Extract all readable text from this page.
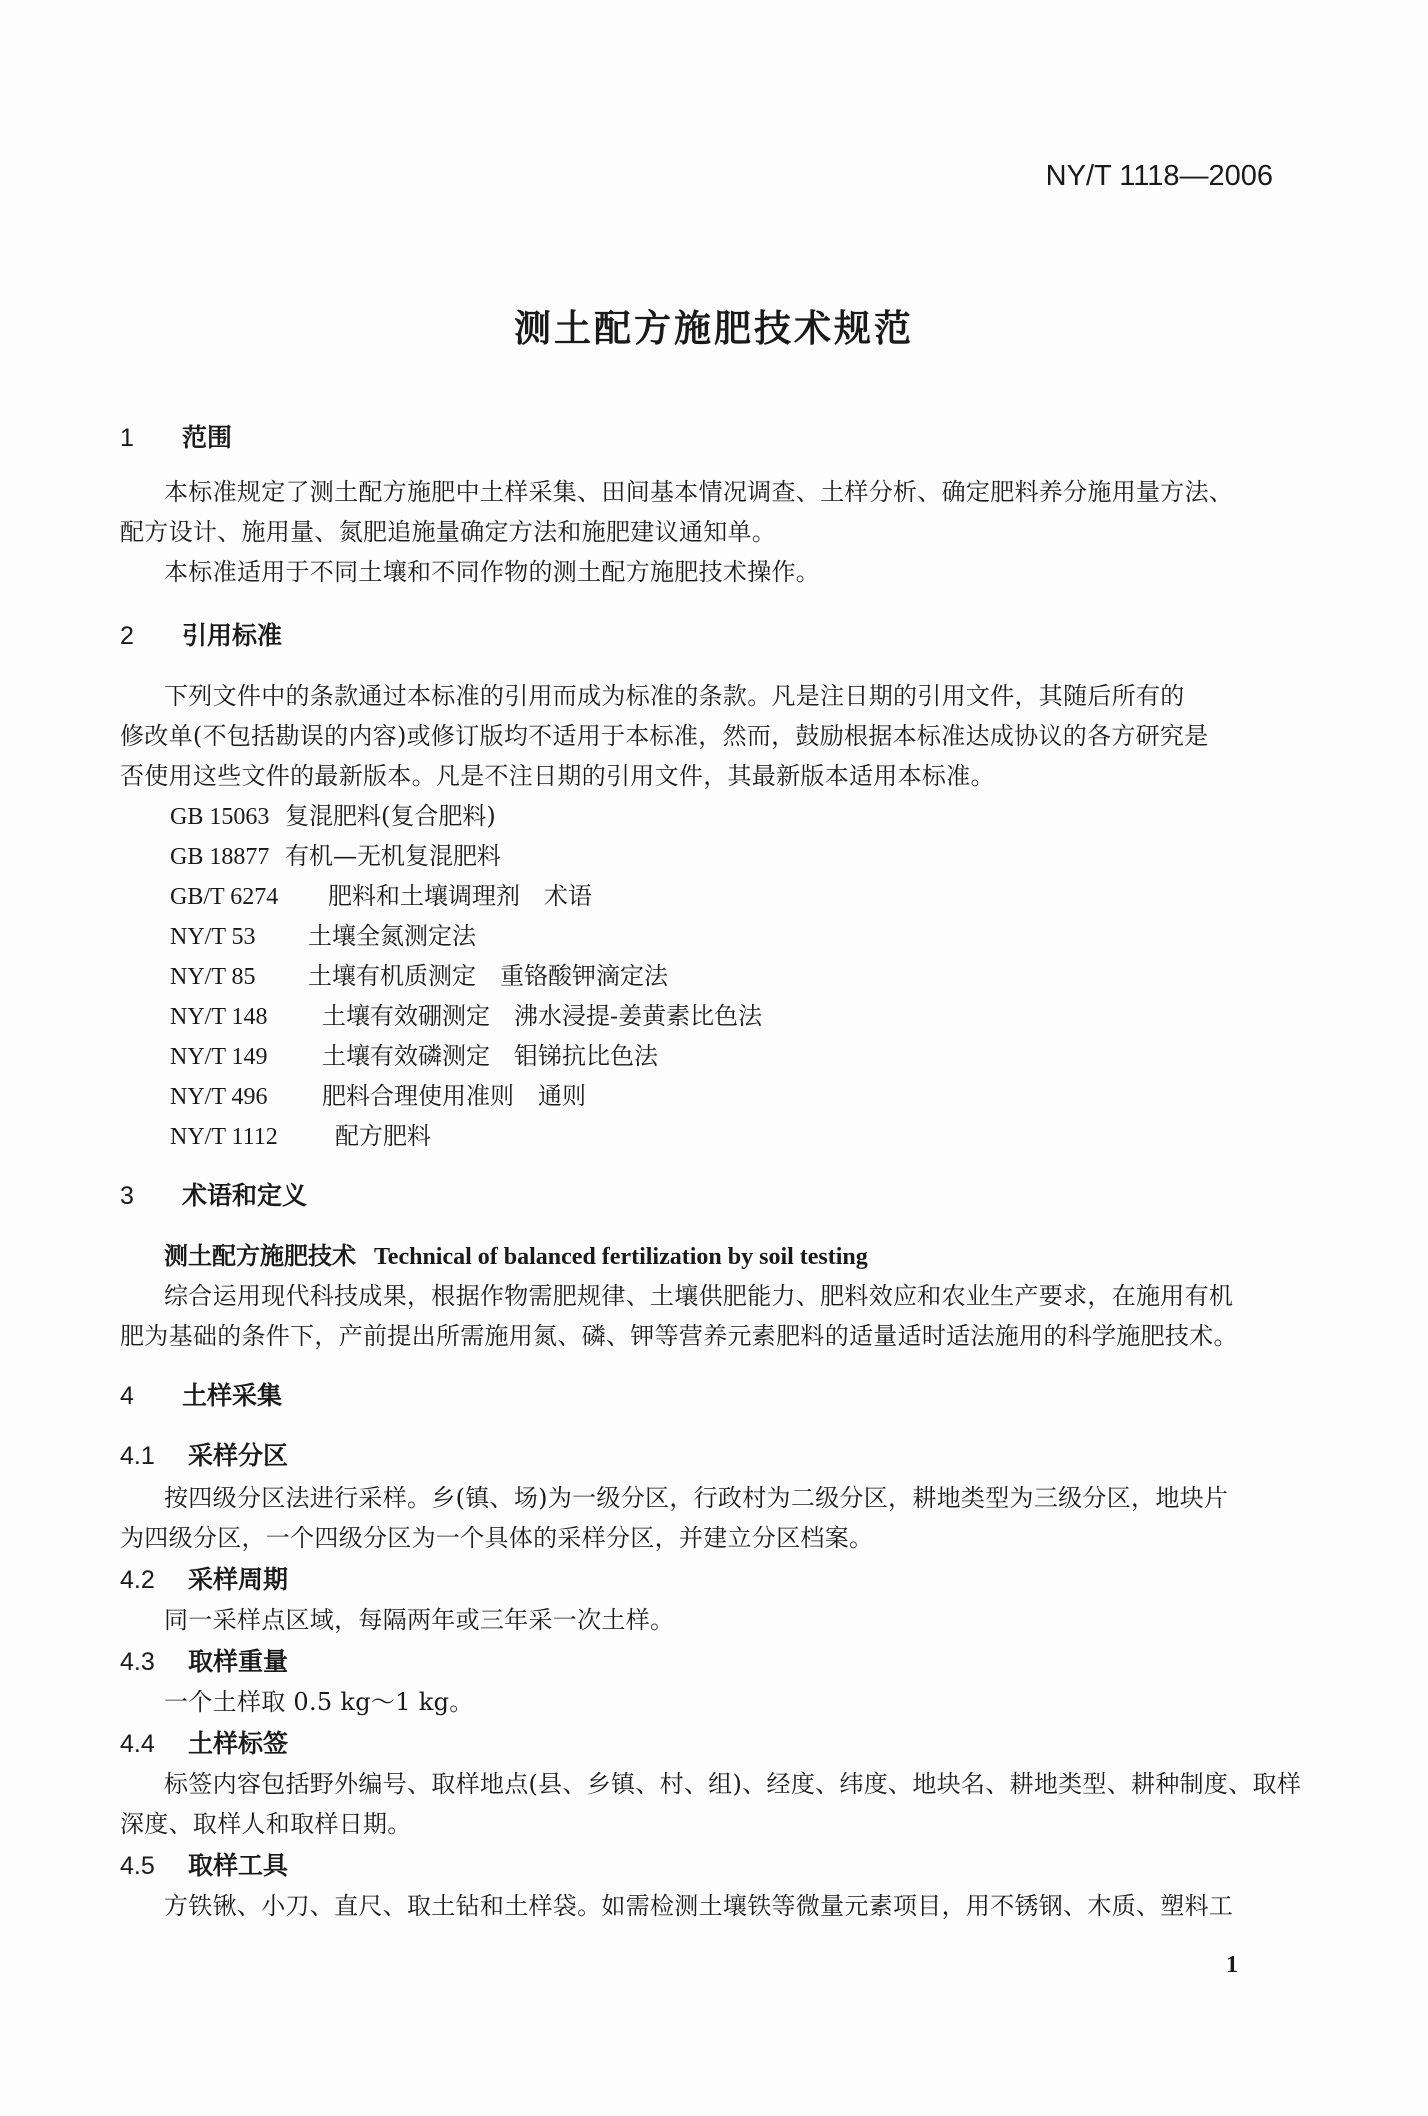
NY/T 1118—2006
测土配方施肥技术规范
1 范围
本标准规定了测土配方施肥中土样采集、田间基本情况调查、土样分析、确定肥料养分施用量方法、
配方设计、施用量、氮肥追施量确定方法和施肥建议通知单。
本标准适用于不同土壤和不同作物的测土配方施肥技术操作。
2 引用标准
下列文件中的条款通过本标准的引用而成为标准的条款。凡是注日期的引用文件，其随后所有的
修改单(不包括勘误的内容)或修订版均不适用于本标准，然而，鼓励根据本标准达成协议的各方研究是
否使用这些文件的最新版本。凡是不注日期的引用文件，其最新版本适用本标准。
GB 15063 复混肥料(复合肥料)
GB 18877 有机—无机复混肥料
GB/T 6274 肥料和土壤调理剂　术语
NY/T 53 土壤全氮测定法
NY/T 85 土壤有机质测定　重铬酸钾滴定法
NY/T 148 土壤有效硼测定　沸水浸提-姜黄素比色法
NY/T 149 土壤有效磷测定　钼锑抗比色法
NY/T 496 肥料合理使用准则　通则
NY/T 1112 配方肥料
3 术语和定义
测土配方施肥技术 Technical of balanced fertilization by soil testing
综合运用现代科技成果，根据作物需肥规律、土壤供肥能力、肥料效应和农业生产要求，在施用有机
肥为基础的条件下，产前提出所需施用氮、磷、钾等营养元素肥料的适量适时适法施用的科学施肥技术。
4 土样采集
4.1 采样分区
按四级分区法进行采样。乡(镇、场)为一级分区，行政村为二级分区，耕地类型为三级分区，地块片
为四级分区，一个四级分区为一个具体的采样分区，并建立分区档案。
4.2 采样周期
同一采样点区域，每隔两年或三年采一次土样。
4.3 取样重量
一个土样取 0.5 kg～1 kg。
4.4 土样标签
标签内容包括野外编号、取样地点(县、乡镇、村、组)、经度、纬度、地块名、耕地类型、耕种制度、取样
深度、取样人和取样日期。
4.5 取样工具
方铁锹、小刀、直尺、取土钻和土样袋。如需检测土壤铁等微量元素项目，用不锈钢、木质、塑料工
1
